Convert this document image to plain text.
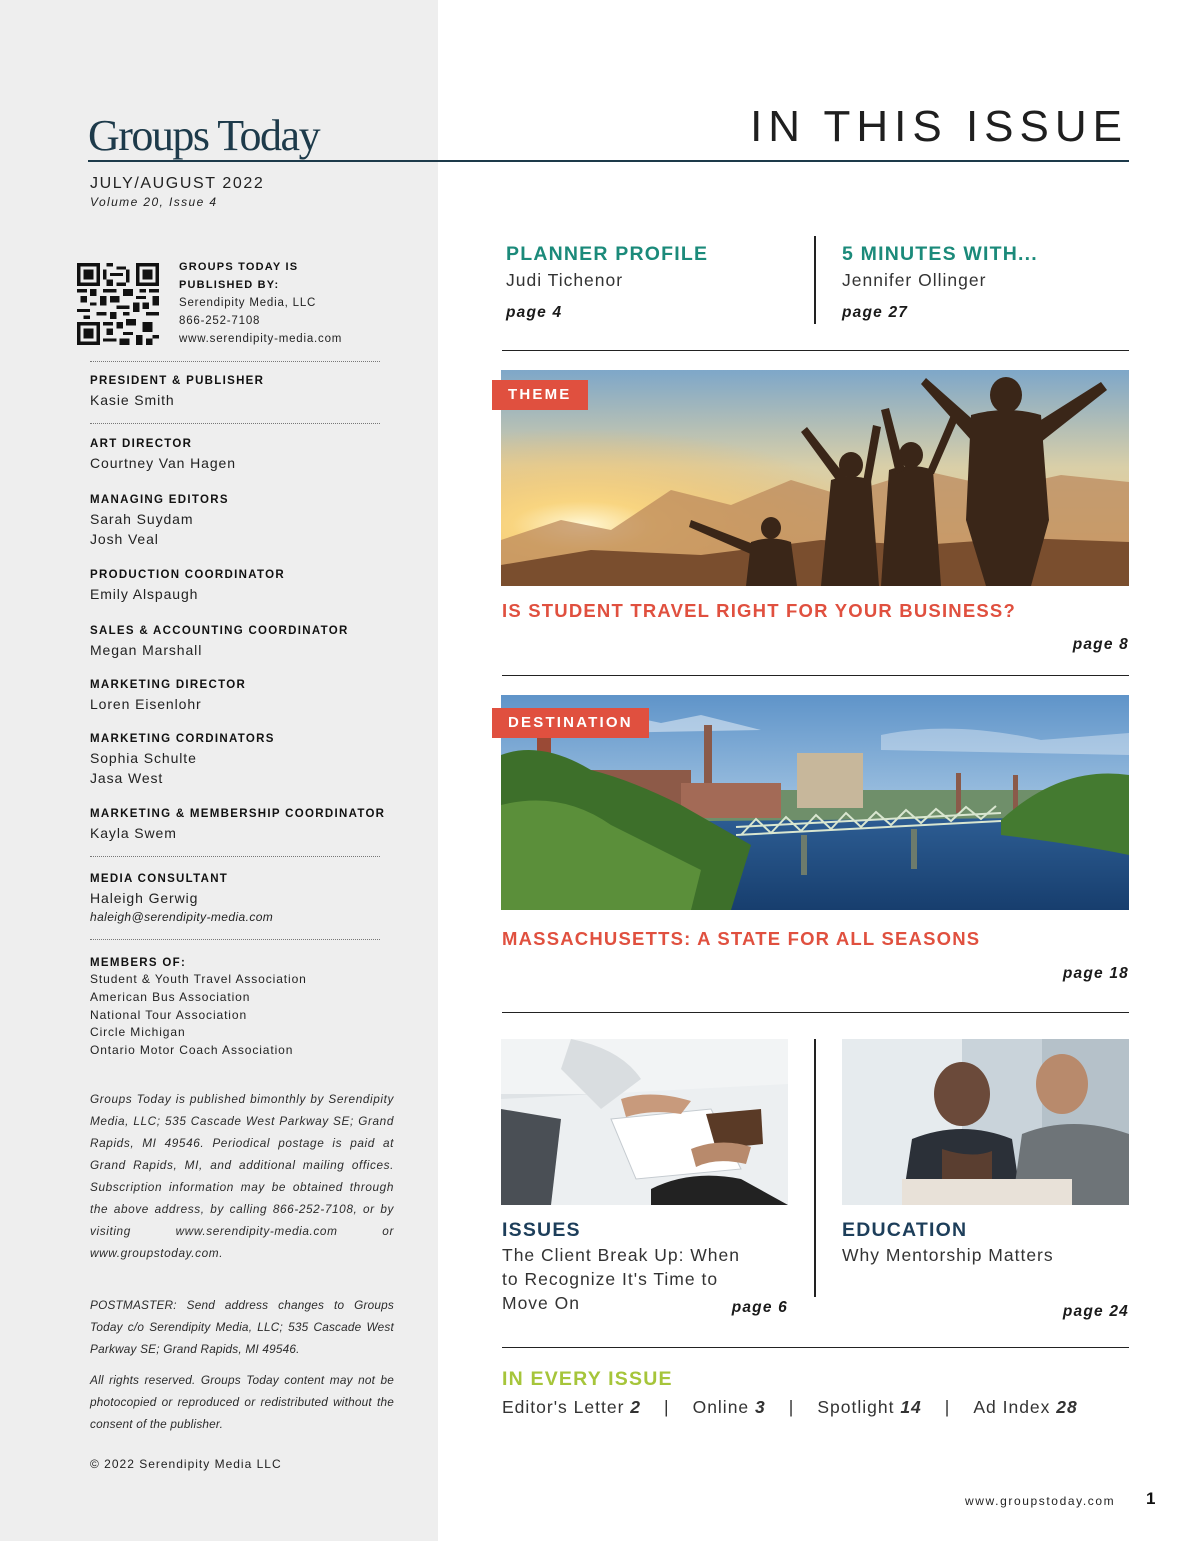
Groups Today	IN THIS ISSUE
JULY/AUGUST 2022
Volume 20, Issue 4
GROUPS TODAY IS
PUBLISHED BY:
Serendipity Media, LLC
866-252-7108
www.serendipity-media.com
PRESIDENT & PUBLISHER
Kasie Smith
ART DIRECTOR
Courtney Van Hagen
MANAGING EDITORS
Sarah Suydam
Josh Veal
PRODUCTION COORDINATOR
Emily Alspaugh
SALES & ACCOUNTING COORDINATOR
Megan Marshall
MARKETING DIRECTOR
Loren Eisenlohr
MARKETING CORDINATORS
Sophia Schulte
Jasa West
MARKETING & MEMBERSHIP COORDINATOR
Kayla Swem
MEDIA CONSULTANT
Haleigh Gerwig
haleigh@serendipity-media.com
MEMBERS OF:
Student & Youth Travel Association
American Bus Association
National Tour Association
Circle Michigan
Ontario Motor Coach Association
Groups Today is published bimonthly by Serendipity Media, LLC; 535 Cascade West Parkway SE; Grand Rapids, MI 49546. Periodical postage is paid at Grand Rapids, MI, and additional mailing offices. Subscription information may be obtained through the above address, by calling 866-252-7108, or by visiting www.serendipity-media.com or www.groupstoday.com.
POSTMASTER: Send address changes to Groups Today c/o Serendipity Media, LLC; 535 Cascade West Parkway SE; Grand Rapids, MI 49546.
All rights reserved. Groups Today content may not be photocopied or reproduced or redistributed without the consent of the publisher.
© 2022 Serendipity Media LLC
PLANNER PROFILE
Judi Tichenor
page 4
5 MINUTES WITH...
Jennifer Ollinger
page 27
THEME
IS STUDENT TRAVEL RIGHT FOR YOUR BUSINESS?
page 8
DESTINATION
MASSACHUSETTS: A STATE FOR ALL SEASONS
page 18
ISSUES
The Client Break Up: When
to Recognize It's Time to
Move On	page 6
EDUCATION
Why Mentorship Matters
page 24
IN EVERY ISSUE
Editor's Letter 2 | Online 3 | Spotlight 14 | Ad Index 28
www.groupstoday.com 1
